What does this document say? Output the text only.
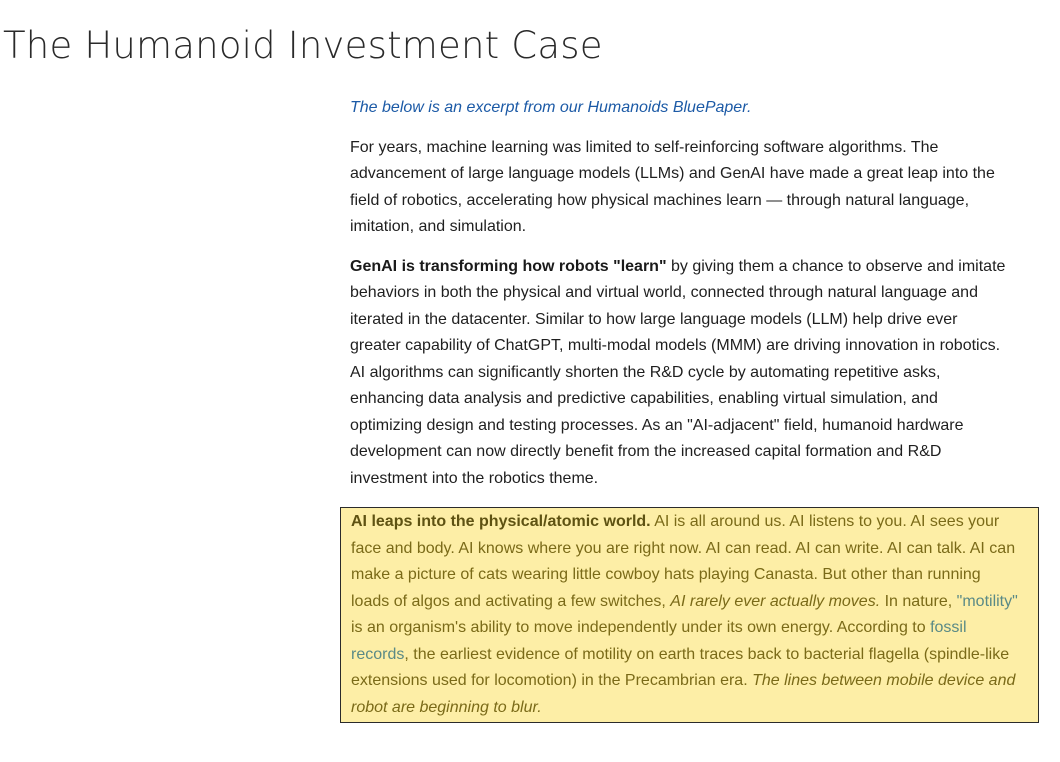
The Humanoid Investment Case

The below is an excerpt from our Humanoids BluePaper.

For years, machine learning was limited to self-reinforcing software algorithms. The advancement of large language models (LLMs) and GenAI have made a great leap into the field of robotics, accelerating how physical machines learn — through natural language, imitation, and simulation.

GenAI is transforming how robots "learn" by giving them a chance to observe and imitate behaviors in both the physical and virtual world, connected through natural language and iterated in the datacenter. Similar to how large language models (LLM) help drive ever greater capability of ChatGPT, multi-modal models (MMM) are driving innovation in robotics. AI algorithms can significantly shorten the R&D cycle by automating repetitive asks, enhancing data analysis and predictive capabilities, enabling virtual simulation, and optimizing design and testing processes. As an "AI-adjacent" field, humanoid hardware development can now directly benefit from the increased capital formation and R&D investment into the robotics theme.

AI leaps into the physical/atomic world. AI is all around us. AI listens to you. AI sees your face and body. AI knows where you are right now. AI can read. AI can write. AI can talk. AI can make a picture of cats wearing little cowboy hats playing Canasta. But other than running loads of algos and activating a few switches, AI rarely ever actually moves. In nature, "motility" is an organism's ability to move independently under its own energy. According to fossil records, the earliest evidence of motility on earth traces back to bacterial flagella (spindle-like extensions used for locomotion) in the Precambrian era. The lines between mobile device and robot are beginning to blur.
